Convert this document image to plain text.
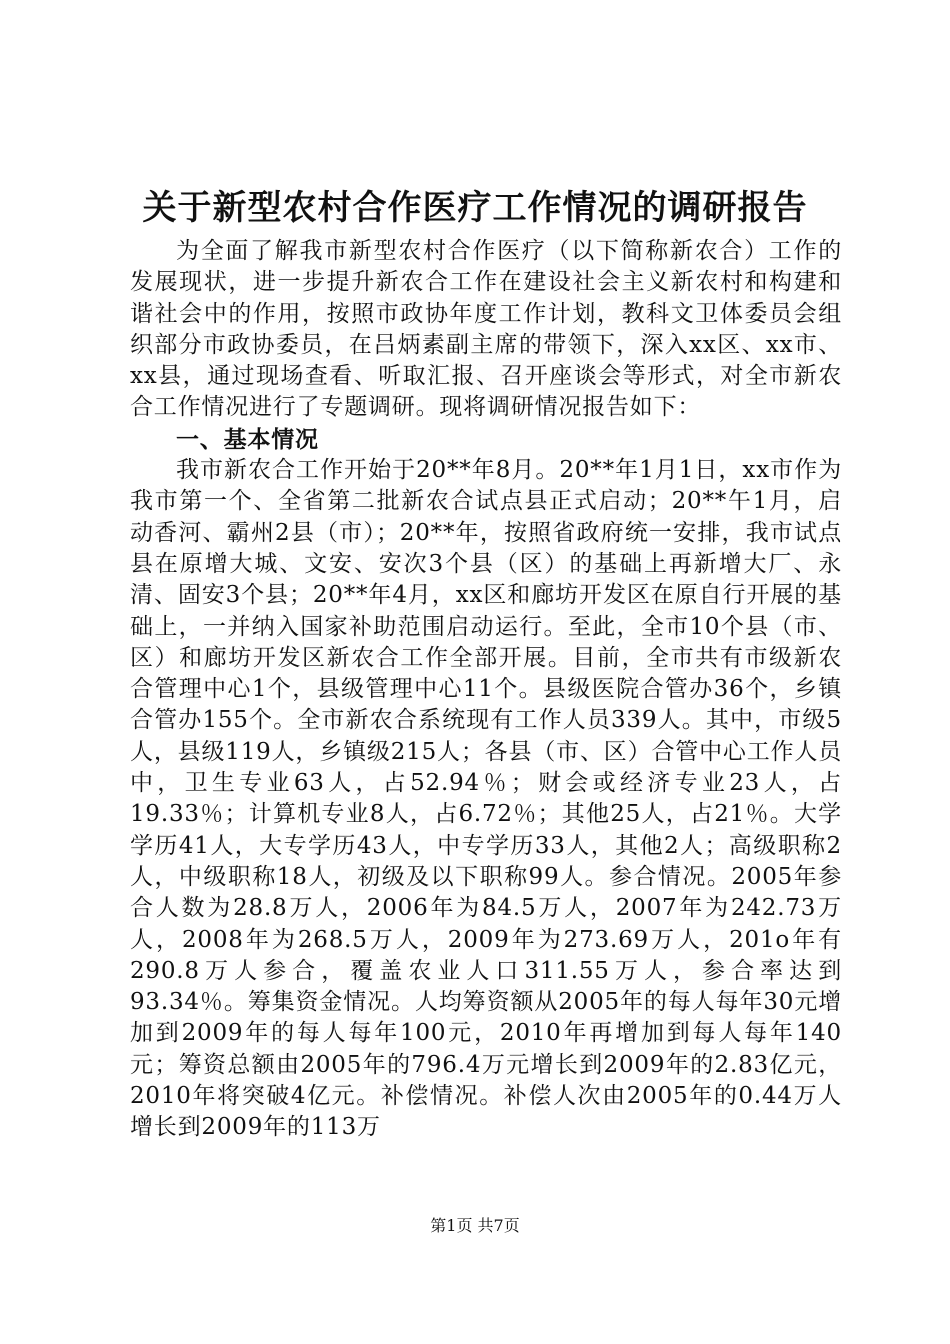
关于新型农村合作医疗工作情况的调研报告

为全面了解我市新型农村合作医疗（以下简称新农合）工作的发展现状，进一步提升新农合工作在建设社会主义新农村和构建和谐社会中的作用，按照市政协年度工作计划，教科文卫体委员会组织部分市政协委员，在吕炳素副主席的带领下，深入xx区、xx市、xx县，通过现场查看、听取汇报、召开座谈会等形式，对全市新农合工作情况进行了专题调研。现将调研情况报告如下：

一、基本情况

我市新农合工作开始于20**年8月。20**年1月1日，xx市作为我市第一个、全省第二批新农合试点县正式启动；20**午1月，启动香河、霸州2县（市）；20**年，按照省政府统一安排，我市试点县在原增大城、文安、安次3个县（区）的基础上再新增大厂、永清、固安3个县；20**年4月，xx区和廊坊开发区在原自行开展的基础上，一并纳入国家补助范围启动运行。至此，全市10个县（市、区）和廊坊开发区新农合工作全部开展。目前，全市共有市级新农合管理中心1个，县级管理中心11个。县级医院合管办36个，乡镇合管办155个。全市新农合系统现有工作人员339人。其中，市级5人，县级119人，乡镇级215人；各县（市、区）合管中心工作人员中，卫生专业63人，占52.94％；财会或经济专业23人，占19.33％；计算机专业8人，占6.72％；其他25人，占21％。大学学历41人，大专学历43人，中专学历33人，其他2人；高级职称2人，中级职称18人，初级及以下职称99人。参合情况。2005年参合人数为28.8万人，2006年为84.5万人，2007年为242.73万人，2008年为268.5万人，2009年为273.69万人，201o年有290.8万人参合，覆盖农业人口311.55万人，参合率达到93.34％。筹集资金情况。人均筹资额从2005年的每人每年30元增加到2009年的每人每年100元，2010年再增加到每人每年140元；筹资总额由2005年的796.4万元增长到2009年的2.83亿元，2010年将突破4亿元。补偿情况。补偿人次由2005年的0.44万人增长到2009年的113万

第1页 共7页
